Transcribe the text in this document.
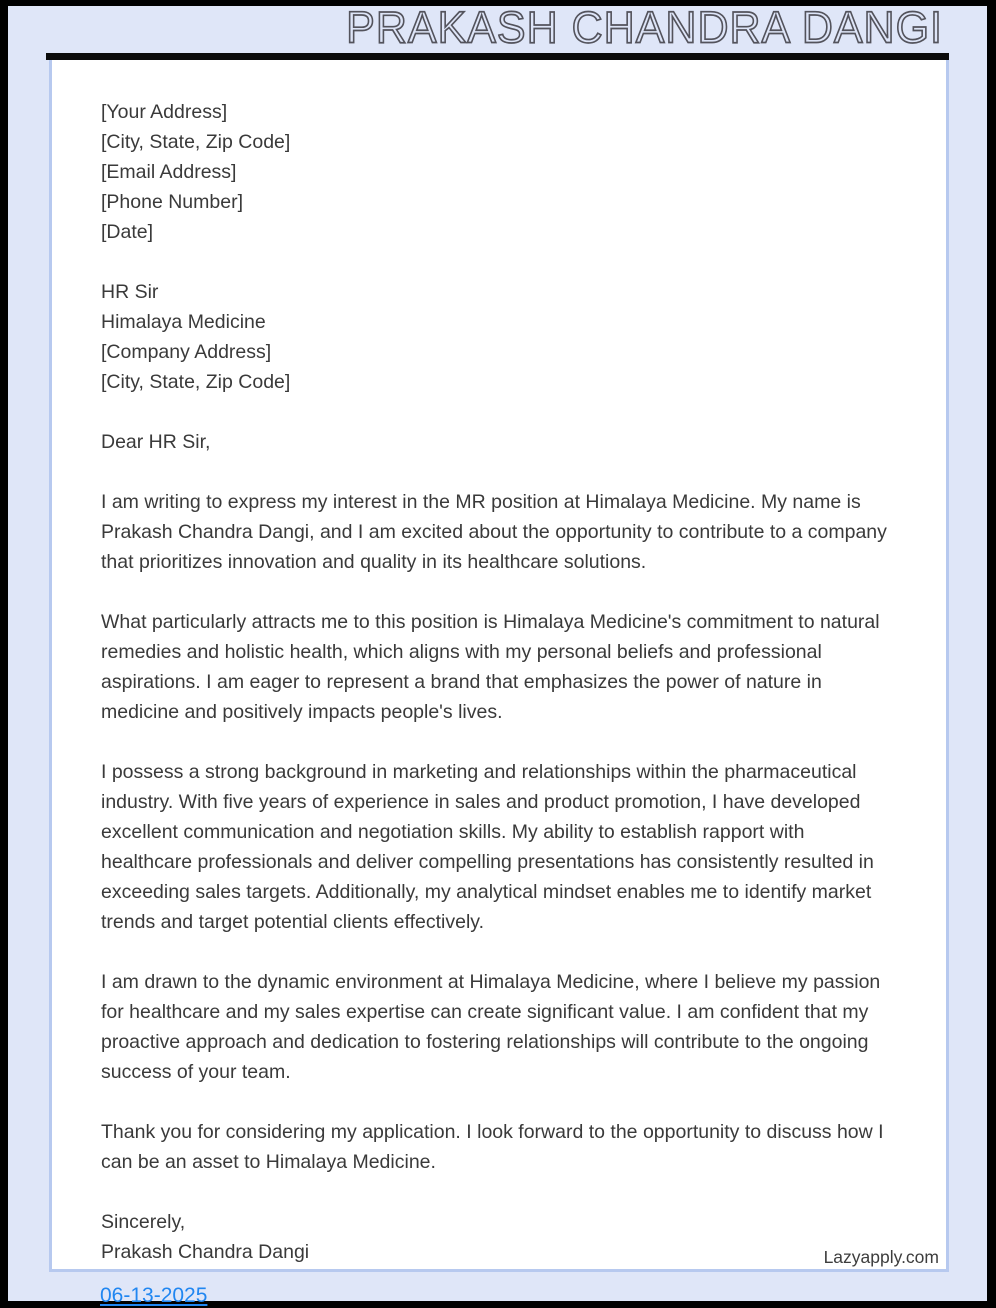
PRAKASH CHANDRA DANGI
[Your Address]
[City, State, Zip Code]
[Email Address]
[Phone Number]
[Date]
HR Sir
Himalaya Medicine
[Company Address]
[City, State, Zip Code]
Dear HR Sir,

I am writing to express my interest in the MR position at Himalaya Medicine. My name is Prakash Chandra Dangi, and I am excited about the opportunity to contribute to a company that prioritizes innovation and quality in its healthcare solutions.

What particularly attracts me to this position is Himalaya Medicine's commitment to natural remedies and holistic health, which aligns with my personal beliefs and professional aspirations. I am eager to represent a brand that emphasizes the power of nature in medicine and positively impacts people's lives.

I possess a strong background in marketing and relationships within the pharmaceutical industry. With five years of experience in sales and product promotion, I have developed excellent communication and negotiation skills. My ability to establish rapport with healthcare professionals and deliver compelling presentations has consistently resulted in exceeding sales targets. Additionally, my analytical mindset enables me to identify market trends and target potential clients effectively.

I am drawn to the dynamic environment at Himalaya Medicine, where I believe my passion for healthcare and my sales expertise can create significant value. I am confident that my proactive approach and dedication to fostering relationships will contribute to the ongoing success of your team.

Thank you for considering my application. I look forward to the opportunity to discuss how I can be an asset to Himalaya Medicine.

Sincerely,
Prakash Chandra Dangi	Lazyapply.com
06-13-2025
